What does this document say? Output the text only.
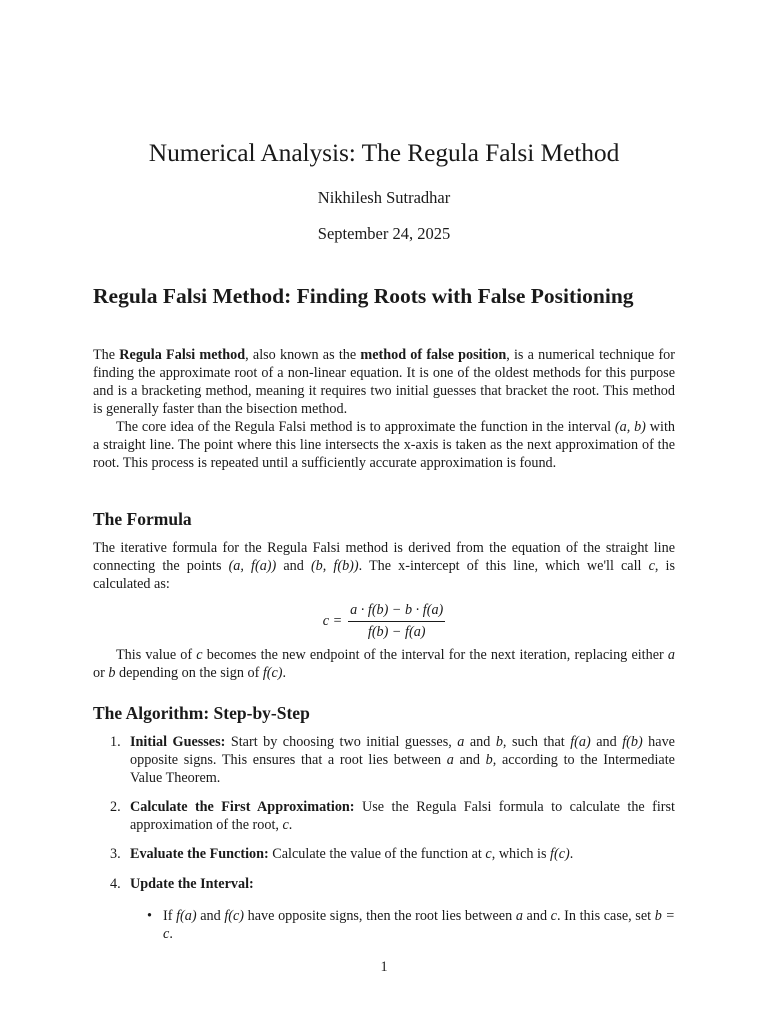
Numerical Analysis: The Regula Falsi Method
Nikhilesh Sutradhar
September 24, 2025
Regula Falsi Method: Finding Roots with False Positioning

The Regula Falsi method, also known as the method of false position, is a numerical technique for finding the approximate root of a non-linear equation. It is one of the oldest methods for this purpose and is a bracketing method, meaning it requires two initial guesses that bracket the root. This method is generally faster than the bisection method.

The core idea of the Regula Falsi method is to approximate the function in the interval (a, b) with a straight line. The point where this line intersects the x-axis is taken as the next approximation of the root. This process is repeated until a sufficiently accurate approximation is found.

The Formula

The iterative formula for the Regula Falsi method is derived from the equation of the straight line connecting the points (a, f(a)) and (b, f(b)). The x-intercept of this line, which we'll call c, is calculated as:

$c = \frac{a \cdot f(b) - b \cdot f(a)}{f(b) - f(a)}$

This value of c becomes the new endpoint of the interval for the next iteration, replacing either a or b depending on the sign of f(c).

The Algorithm: Step-by-Step
1. Initial Guesses: Start by choosing two initial guesses, a and b, such that f(a) and f(b) have opposite signs. This ensures that a root lies between a and b, according to the Intermediate Value Theorem.
2. Calculate the First Approximation: Use the Regula Falsi formula to calculate the first approximation of the root, c.
3. Evaluate the Function: Calculate the value of the function at c, which is f(c).
4. Update the Interval:
• If f(a) and f(c) have opposite signs, then the root lies between a and c. In this case, set b = c.
1
